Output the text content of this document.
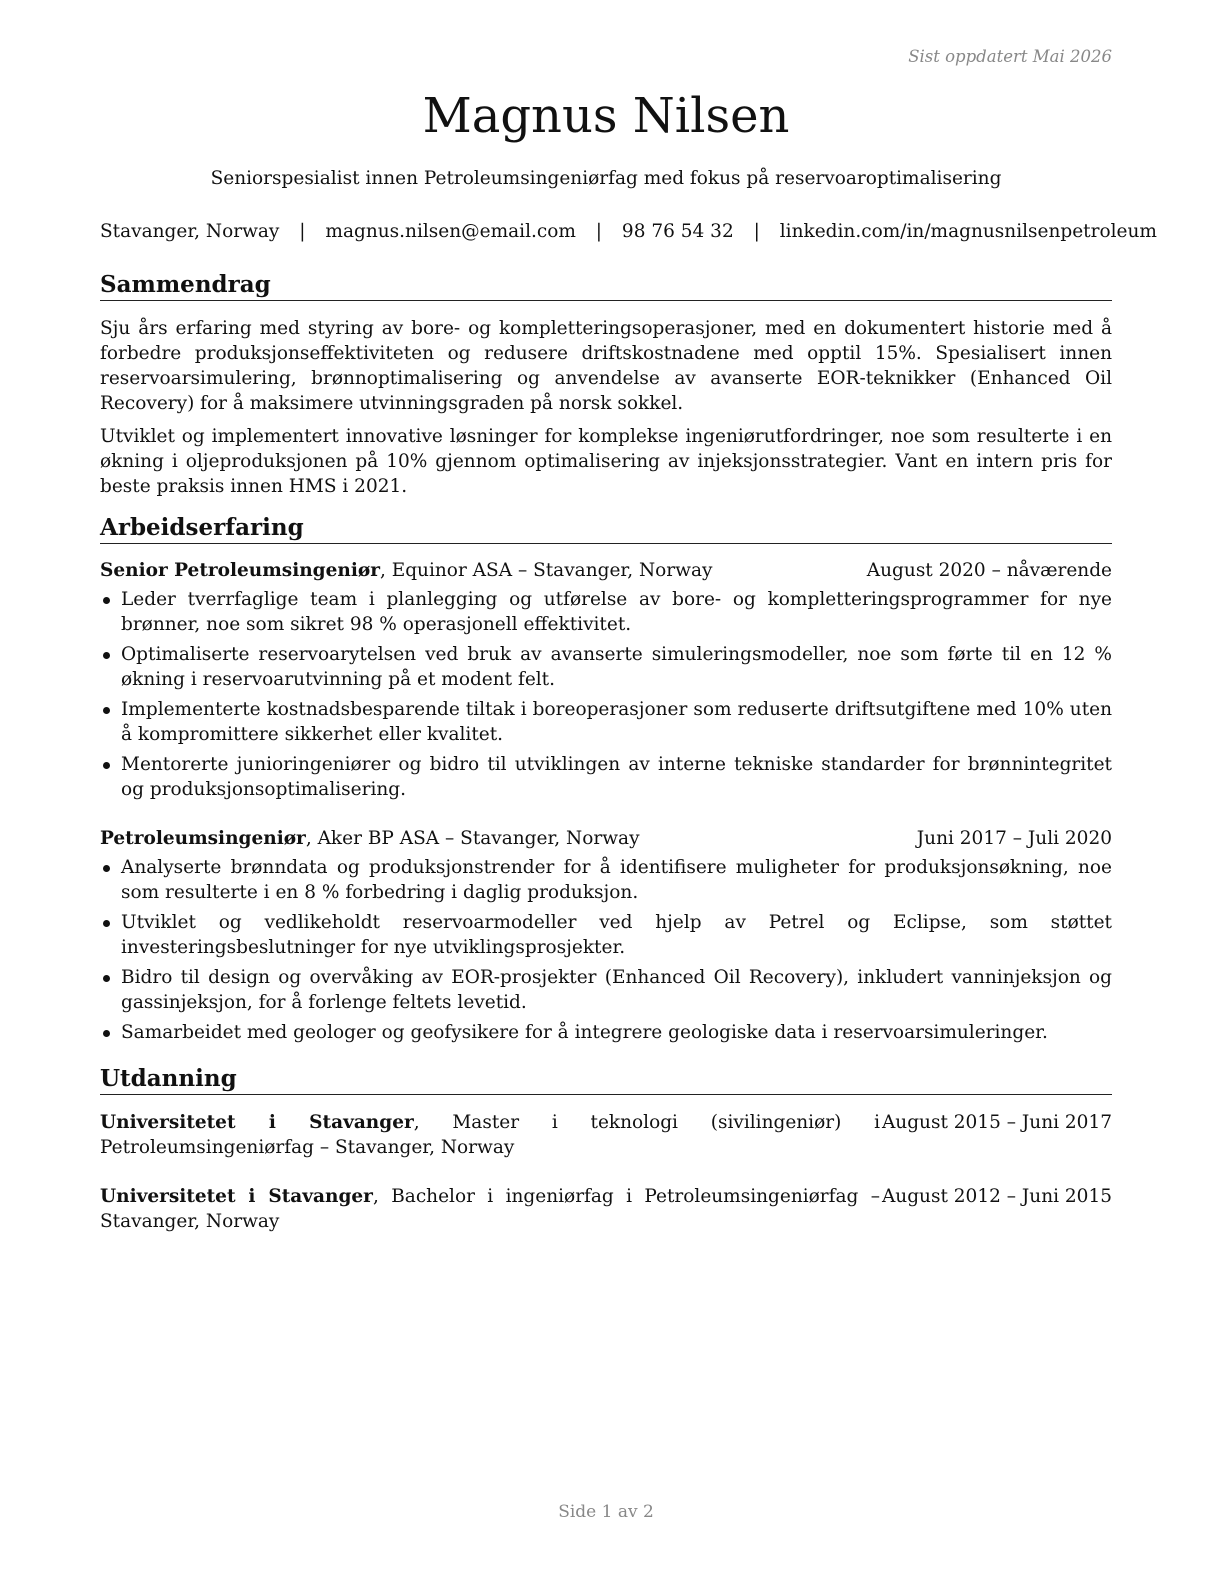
Sist oppdatert Mai 2026
Magnus Nilsen
Seniorspesialist innen Petroleumsingeniørfag med fokus på reservoaroptimalisering
Stavanger, Norway | magnus.nilsen@email.com | 98 76 54 32 | linkedin.com/in/magnusnilsenpetroleum
Sammendrag

Sju års erfaring med styring av bore- og kompletteringsoperasjoner, med en dokumentert historie med å forbedre produksjonseffektiviteten og redusere driftskostnadene med opptil 15%. Spesialisert innen reservoarsimulering, brønnoptimalisering og anvendelse av avanserte EOR-teknikker (Enhanced Oil Recovery) for å maksimere utvinningsgraden på norsk sokkel.

Utviklet og implementert innovative løsninger for komplekse ingeniørutfordringer, noe som resulterte i en økning i oljeproduksjonen på 10% gjennom optimalisering av injeksjonsstrategier. Vant en intern pris for beste praksis innen HMS i 2021.

Arbeidserfaring
Senior Petroleumsingeniør, Equinor ASA – Stavanger, Norway	August 2020 – nåværende
Leder tverrfaglige team i planlegging og utførelse av bore- og kompletteringsprogrammer for nye brønner, noe som sikret 98 % operasjonell effektivitet.
Optimaliserte reservoarytelsen ved bruk av avanserte simuleringsmodeller, noe som førte til en 12 % økning i reservoarutvinning på et modent felt.
Implementerte kostnadsbesparende tiltak i boreoperasjoner som reduserte driftsutgiftene med 10% uten å kompromittere sikkerhet eller kvalitet.
Mentorerte junioringeniører og bidro til utviklingen av interne tekniske standarder for brønnintegritet og produksjonsoptimalisering.
Petroleumsingeniør, Aker BP ASA – Stavanger, Norway	Juni 2017 – Juli 2020
Analyserte brønndata og produksjonstrender for å identifisere muligheter for produksjonsøkning, noe som resulterte i en 8 % forbedring i daglig produksjon.
Utviklet og vedlikeholdt reservoarmodeller ved hjelp av Petrel og Eclipse, som støttet investeringsbeslutninger for nye utviklingsprosjekter.
Bidro til design og overvåking av EOR-prosjekter (Enhanced Oil Recovery), inkludert vanninjeksjon og gassinjeksjon, for å forlenge feltets levetid.
Samarbeidet med geologer og geofysikere for å integrere geologiske data i reservoarsimuleringer.
Utdanning
Universitetet i Stavanger, Master i teknologi (sivilingeniør) i Petroleumsingeniørfag – Stavanger, Norway
August 2015 – Juni 2017
Universitetet i Stavanger, Bachelor i ingeniørfag i Petroleumsingeniørfag – Stavanger, Norway
August 2012 – Juni 2015
Side 1 av 2
